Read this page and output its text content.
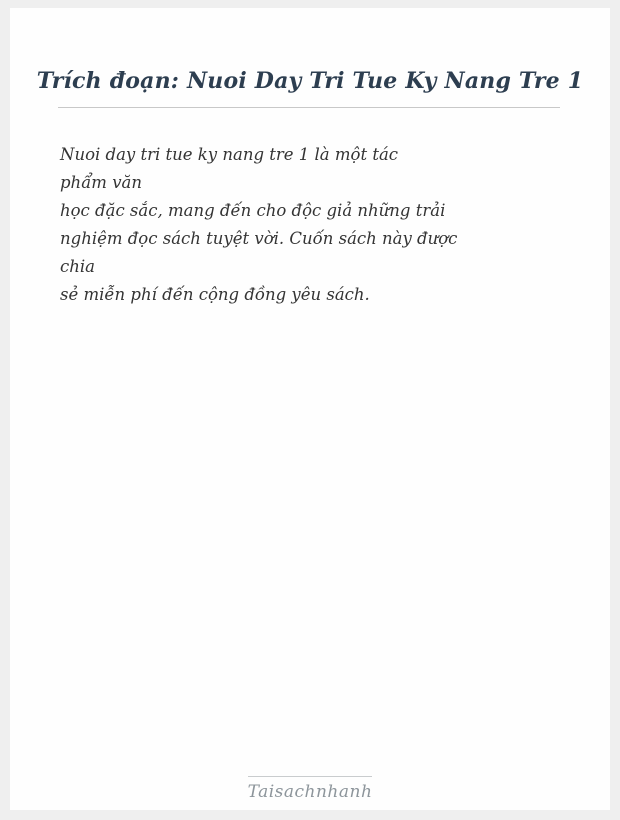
Trích đoạn: Nuoi Day Tri Tue Ky Nang Tre 1
Nuoi day tri tue ky nang tre 1 là một tác
phẩm văn
học đặc sắc, mang đến cho độc giả những trải
nghiệm đọc sách tuyệt vời. Cuốn sách này được
chia
sẻ miễn phí đến cộng đồng yêu sách.
Taisachnhanh
